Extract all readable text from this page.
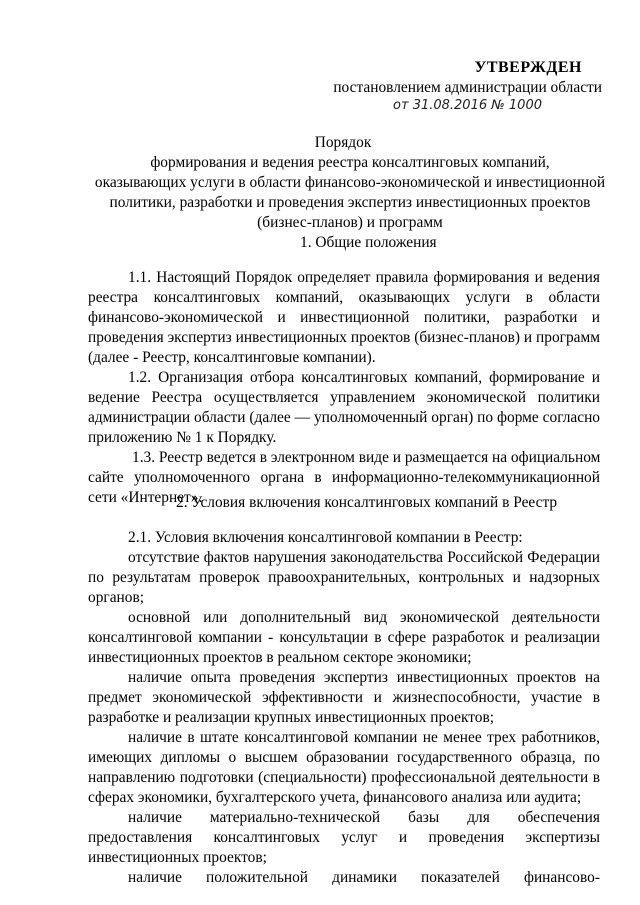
УТВЕРЖДЕН
постановлением администрации области
от 31.08.2016 № 1000
Порядок
формирования и ведения реестра консалтинговых компаний,
оказывающих услуги в области финансово-экономической и инвестиционной
политики, разработки и проведения экспертиз инвестиционных проектов
(бизнес-планов) и программ
1. Общие положения
1.1. Настоящий Порядок определяет правила формирования и ведения
реестра консалтинговых компаний, оказывающих услуги в области
финансово-экономической и инвестиционной политики, разработки и
проведения экспертиз инвестиционных проектов (бизнес-планов) и программ
(далее - Реестр, консалтинговые компании).
1.2. Организация отбора консалтинговых компаний, формирование и
ведение Реестра осуществляется управлением экономической политики
администрации области (далее — уполномоченный орган) по форме согласно
приложению № 1 к Порядку.
1.3. Реестр ведется в электронном виде и размещается на официальном
сайте уполномоченного органа в информационно-телекоммуникационной
сети «Интернет».
2. Условия включения консалтинговых компаний в Реестр
2.1. Условия включения консалтинговой компании в Реестр:
отсутствие фактов нарушения законодательства Российской Федерации
по результатам проверок правоохранительных, контрольных и надзорных
органов;
основной или дополнительный вид экономической деятельности
консалтинговой компании - консультации в сфере разработок и реализации
инвестиционных проектов в реальном секторе экономики;
наличие опыта проведения экспертиз инвестиционных проектов на
предмет экономической эффективности и жизнеспособности, участие в
разработке и реализации крупных инвестиционных проектов;
наличие в штате консалтинговой компании не менее трех работников,
имеющих дипломы о высшем образовании государственного образца, по
направлению подготовки (специальности) профессиональной деятельности в
сферах экономики, бухгалтерского учета, финансового анализа или аудита;
наличие материально-технической базы для обеспечения
предоставления консалтинговых услуг и проведения экспертизы
инвестиционных проектов;
наличие положительной динамики показателей финансово-
